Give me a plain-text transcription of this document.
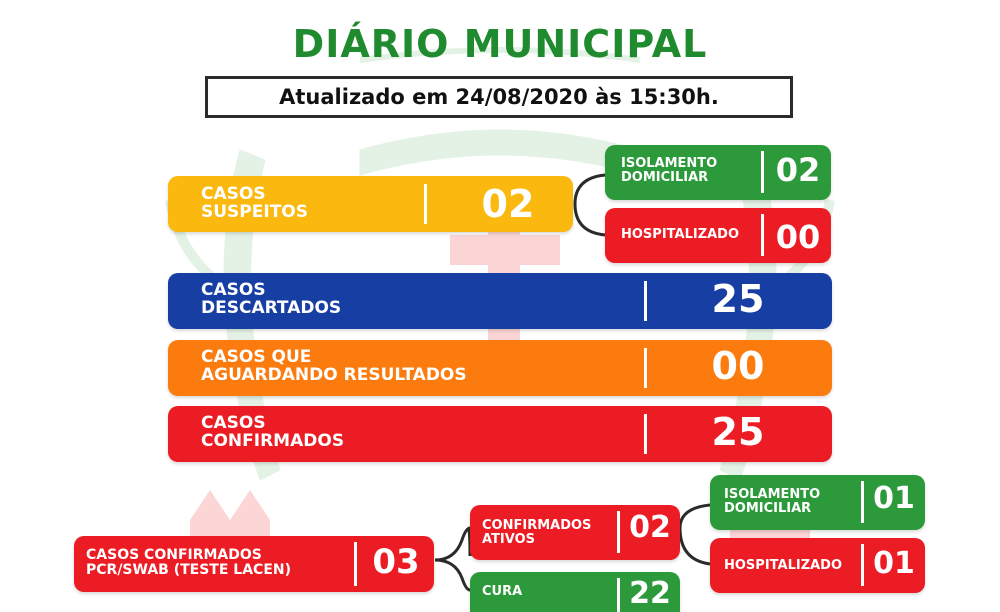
DIÁRIO MUNICIPAL
Atualizado em 24/08/2020 às 15:30h.
CASOS
SUSPEITOS	02
ISOLAMENTO
DOMICILIAR 02
HOSPITALIZADO 00
CASOS
DESCARTADOS	25
CASOS QUE
AGUARDANDO RESULTADOS	00
CASOS
CONFIRMADOS	25
CASOS CONFIRMADOS
PCR/SWAB (TESTE LACEN)	03
CONFIRMADOS
ATIVOS	02
CURA	22
ISOLAMENTO
DOMICILIAR	01
HOSPITALIZADO 01
